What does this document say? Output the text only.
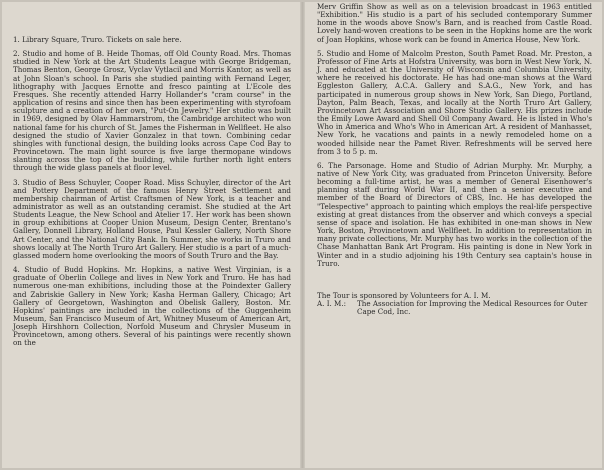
1. Library Square, Truro. Tickets on sale here.

2. Studio and home of B. Heide Thomas, off Old County Road. Mrs. Thomas studied in New York at the Art Students League with George Bridgeman, Thomas Benton, George Grosz, Vyclav Vytlacil and Morris Kantor, as well as at John Sloan's school. In Paris she studied painting with Fernand Leger, lithography with Jacques Ernotte and fresco painting at L'Ecole des Fresques. She recently attended Harry Hollander's "cram course" in the application of resins and since then has been experimenting with styrofoam sculpture and a creation of her own, "Put-On Jewelry." Her studio was built in 1969, designed by Olav Hammarstrom, the Cambridge architect who won national fame for his church of St. James the Fisherman in Wellfleet. He also designed the studio of Xavier Gonzalez in that town. Combining cedar shingles with functional design, the building looks across Cape Cod Bay to Provincetown. The main light source is five large thermopane windows slanting across the top of the building, while further north light enters through the wide glass panels at floor level.

3. Studio of Bess Schuyler, Cooper Road. Miss Schuyler, director of the Art and Pottery Department of the famous Henry Street Settlement and membership chairman of Artist Craftsmen of New York, is a teacher and administrator as well as an outstanding ceramist. She studied at the Art Students League, the New School and Atelier 17. Her work has been shown in group exhibitions at Cooper Union Museum, Design Center, Brentano's Gallery, Donnell Library, Holland House, Paul Kessler Gallery, North Shore Art Center, and the National City Bank. In Summer, she works in Truro and shows locally at The North Truro Art Gallery. Her studio is a part of a much-glassed modern home overlooking the moors of South Truro and the Bay.

4. Studio of Budd Hopkins. Mr. Hopkins, a native West Virginian, is a graduate of Oberlin College and lives in New York and Truro. He has had numerous one-man exhibitions, including those at the Poindexter Gallery and Zabriskie Gallery in New York; Kasha Herman Gallery, Chicago; Art Gallery of Georgetown, Washington and Obelisk Gallery, Boston. Mr. Hopkins' paintings are included in the collections of the Guggenheim Museum, San Francisco Museum of Art, Whitney Museum of American Art, Joseph Hirshhorn Collection, Norfold Museum and Chrysler Museum in Provincetown, among others. Several of his paintings were recently shown on the

Merv Griffin Show as well as on a television broadcast in 1963 entitled "Exhibition." His studio is a part of his secluded contemporary Summer home in the woods above Snow's Barn, and is reached from Castle Road. Lovely hand-woven creations to be seen in the Hopkins home are the work of Joan Hopkins, whose work can be found in America House, New York.

5. Studio and Home of Malcolm Preston, South Pamet Road. Mr. Preston, a Professor of Fine Arts at Hofstra University, was born in West New York, N. J. and educated at the University of Wisconsin and Columbia University, where he received his doctorate. He has had one-man shows at the Ward Eggleston Gallery, A.C.A. Gallery and S.A.G., New York, and has participated in numerous group shows in New York, San Diego, Portland, Dayton, Palm Beach, Texas, and locally at the North Truro Art Gallery, Provincetown Art Association and Shore Studio Gallery. His prizes include the Emily Lowe Award and Shell Oil Company Award. He is listed in Who's Who in America and Who's Who in American Art. A resident of Manhasset, New York, he vacations and paints in a newly remodeled home on a wooded hillside near the Pamet River. Refreshments will be served here from 3 to 5 p. m.

6. The Parsonage. Home and Studio of Adrian Murphy. Mr. Murphy, a native of New York City, was graduated from Princeton University. Before becoming a full-time artist, he was a member of General Eisenhower's planning staff during World War II, and then a senior executive and member of the Board of Directors of CBS, Inc. He has developed the "Telespective" approach to painting which employs the real-life perspective existing at great distances from the observer and which conveys a special sense of space and isolation. He has exhibited in one-man shows in New York, Boston, Provincetown and Wellfleet. In addition to representation in many private collections, Mr. Murphy has two works in the collection of the Chase Manhattan Bank Art Program. His painting is done in New York in Winter and in a studio adjoining his 19th Century sea captain's house in Truro.

The Tour is sponsored by Volunteers for A. I. M.
A. I. M.:	The Association for Improving the Medical Resources for Outer Cape Cod, Inc.
